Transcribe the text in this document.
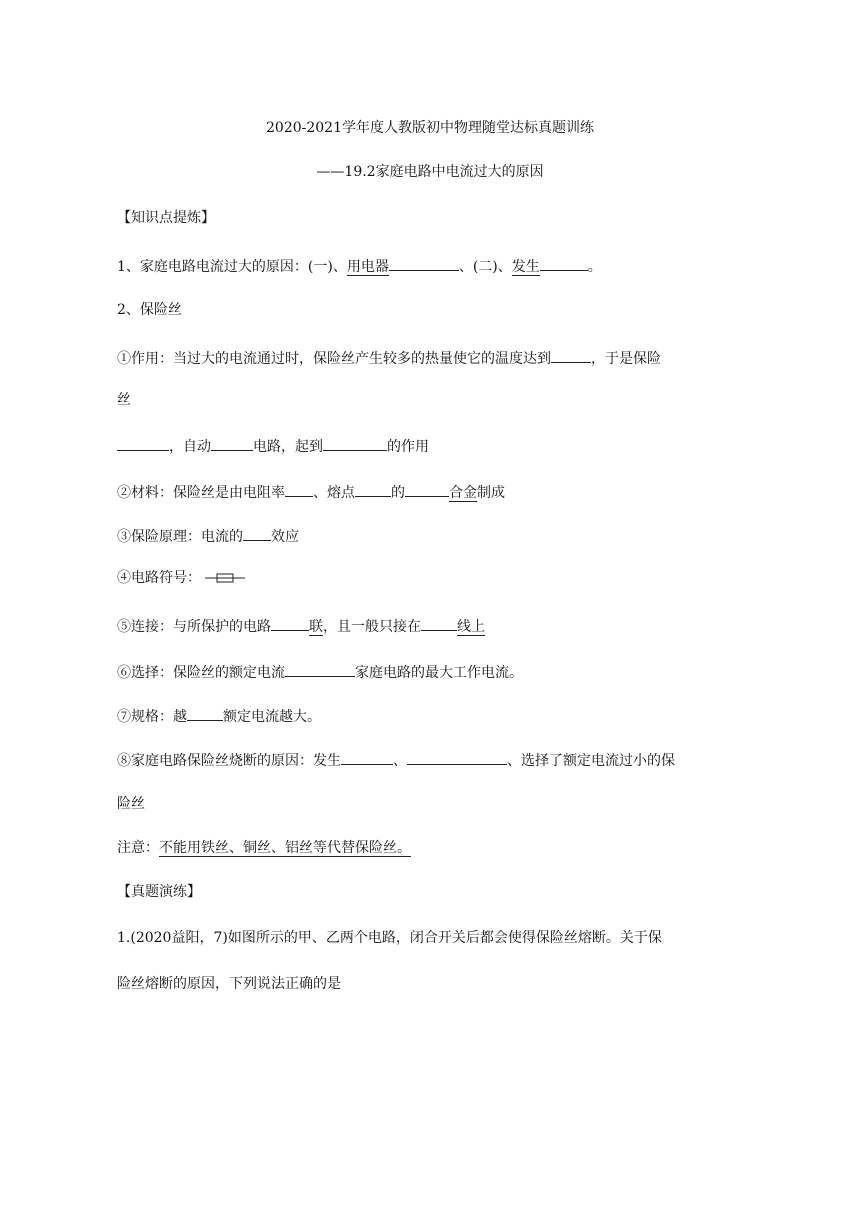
2020-2021学年度人教版初中物理随堂达标真题训练
——19.2家庭电路中电流过大的原因
【知识点提炼】
1、家庭电路电流过大的原因：(一)、用电器	、(二)、发生	。
2、保险丝
①作用：当过大的电流通过时，保险丝产生较多的热量使它的温度达到	，于是保险
丝
，自动	电路，起到	的作用
②材料：保险丝是由电阻率 、熔点	的	合金制成
③保险原理：电流的 效应
④电路符号：
⑤连接：与所保护的电路	联，且一般只接在	线上
⑥选择：保险丝的额定电流	家庭电路的最大工作电流。
⑦规格：越	额定电流越大。
⑧家庭电路保险丝烧断的原因：发生	、	、选择了额定电流过小的保
险丝
注意：不能用铁丝、铜丝、铝丝等代替保险丝。
【真题演练】
1.(2020益阳，7)如图所示的甲、乙两个电路，闭合开关后都会使得保险丝熔断。关于保
险丝熔断的原因，下列说法正确的是
